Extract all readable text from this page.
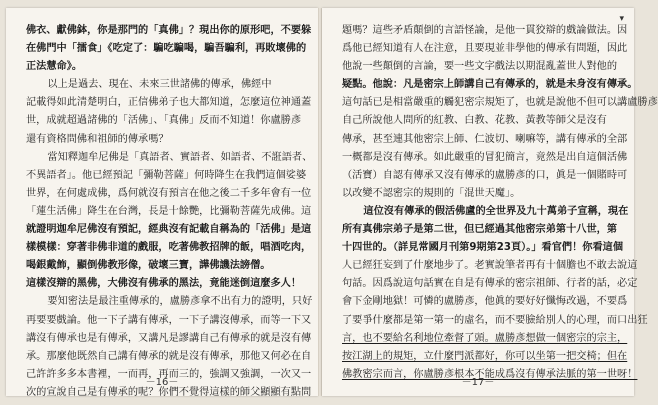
佛衣、獻佛鉢，你是那門的「真佛」？現出你的原形吧，不要躲
在佛門中「擂食」《吃定了：騙吃騙喝，騙吾騙利，再敗壞佛的
正法慧命》。
以上是過去、現在、未來三世諸佛的傳承，佛經中
記載得如此清楚明白，正信佛弟子也大都知道，怎麼這位神通蓋
世，成就超過諸佛的「活佛」、「真佛」反而不知道！你盧勝彥
還有資格問佛和祖師的傳承嗎？
當知釋迦牟尼佛是「真語者、實語者、如語者、不誑語者、
不異語者」。他已經預記「彌勒菩薩」何時降生在我們這個娑婆
世界，在何處成佛，爲何就沒有預言在他之後二千多年會有一位
「蓮生活佛」降生在台灣，長是十餘艷，比彌勒菩薩先成佛。這
就證明迦牟尼佛沒有預記，經典沒有記載自稱為的「活佛」是這
樣模樣：穿著非佛非道的戲服，吃著佛教招牌的飯，唱酒吃肉，
喝銀戴飾，顯倒佛教形像，破壞三寶，譁佛譏法謗僧。
這樣沒辯的黑佛，大佛沒有佛承的黑法，竟能迷倒這麼多人！
要知密法是最注重傳承的，盧勝彥拿不出有力的證明，只好
再要要戲論。他一下子講有傳承，一下子講沒傳承，而等一下又
講沒有傳承也是有傳承，又講凡是謬講自己有傳承的就是沒有傳
承。那麼他既然自己講有傳承的就是沒有傳承，那他又何必在自
己許許多多本書裡，一而再，再而三的，強調又強調，一次又一
次的宣說自己是有傳承的呢？你們不覺得這樣的師父顯顯有點問
－16－
▾
題嗎？這些矛盾顛倒的言語怪論，是他一貫狡辯的戲論做法。因
爲他已經知道有人在注意，且要現並非學他的傳承有問題，因此
他說一些顛倒的言論，要一些文字戲法以期混亂蓋世人對他的
疑點。他說：凡是密宗上師講自己有傳承的，就是未身沒有傳承。
這句話已是相當嚴重的觸犯密宗規矩了，也就是說他不但可以講盧勝彥
自己所說他人問所的紅教、白教、花教、黃教等師父是沒有
傳承，甚至連其他密宗上師、仁波切、喇嘛等，講有傳承的全部
一概都是沒有傳承。如此嚴重的冒犯簡言，竟然是出自這個活佛
（活寶）自認有傳承又沒有傳承的盧勝彥的口，眞是一個賭時可
以改變不認密宗的規則的「混世天魔」。
這位沒有傳承的假活佛盧的全世界及九十萬弟子宣稱，現在
所有真佛宗弟子是第二世，但已經過其他密宗弟第十八世，第
十四世的。（詳見常國月刊第9期第23頁）。」看官們！你看這個
人已經狂妄到了什麼地步了。老實說筆者再有十個膽也不敢去說這
句話。因爲說這句話實在自是有傳承的密宗祖師、行者的話，必定
會下金剛地獄！可憐的盧勝彥，他眞的要好好懺悔改過，不要爲
了要爭什麼都是第一第一的虛名，而不要臉給別人的心理，而口出狂
言，也不要給名利地位牽督了頭。盧勝彥想做一個密宗的宗主，
按江湖上的規矩，立什麼門派都好，你可以坐第一把交椅；但在
佛教密宗而言，你盧勝彥根本不能成爲沒有傳承法脈的第一世呀！
－17－
